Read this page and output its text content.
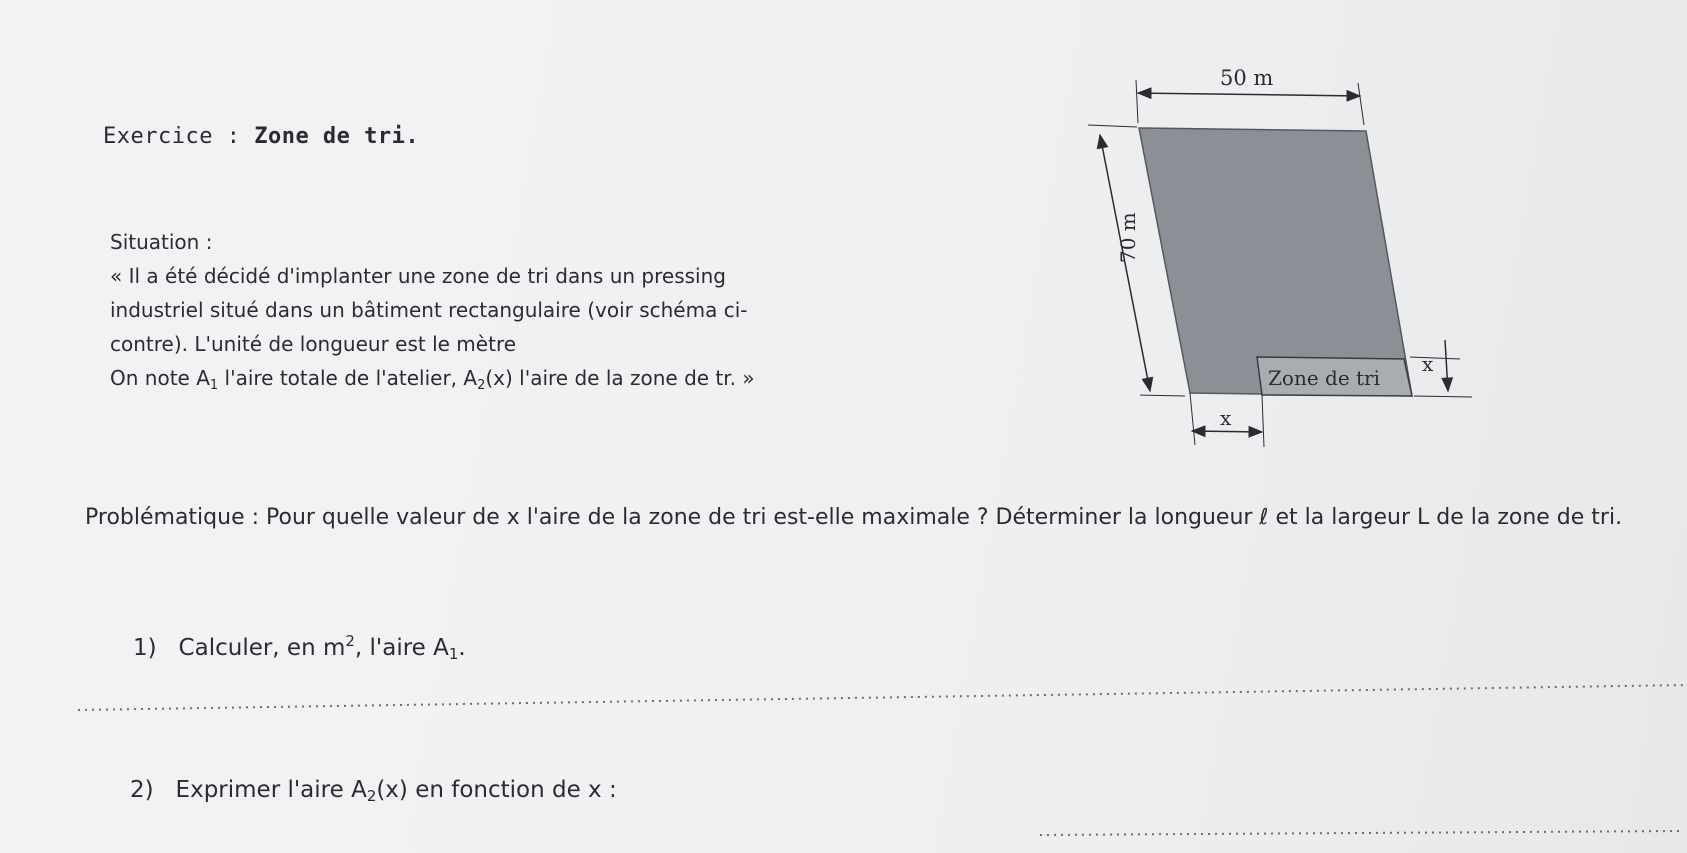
Exercice : Zone de tri.
Situation :
« Il a été décidé d'implanter une zone de tri dans un pressing
industriel situé dans un bâtiment rectangulaire (voir schéma ci-
contre). L'unité de longueur est le mètre
On note $A_1$ l'aire totale de l'atelier, $A_2(x)$ l'aire de la zone de tr. »
50 m
70 m
Zone de tri
x
x
Problématique : Pour quelle valeur de x l'aire de la zone de tri est-elle maximale ? Déterminer la longueur ℓ et la largeur L de la zone de tri.
1) Calculer, en $m^2$, l'aire $A_1$.
2) Exprimer l'aire $A_2(x)$ en fonction de x :
